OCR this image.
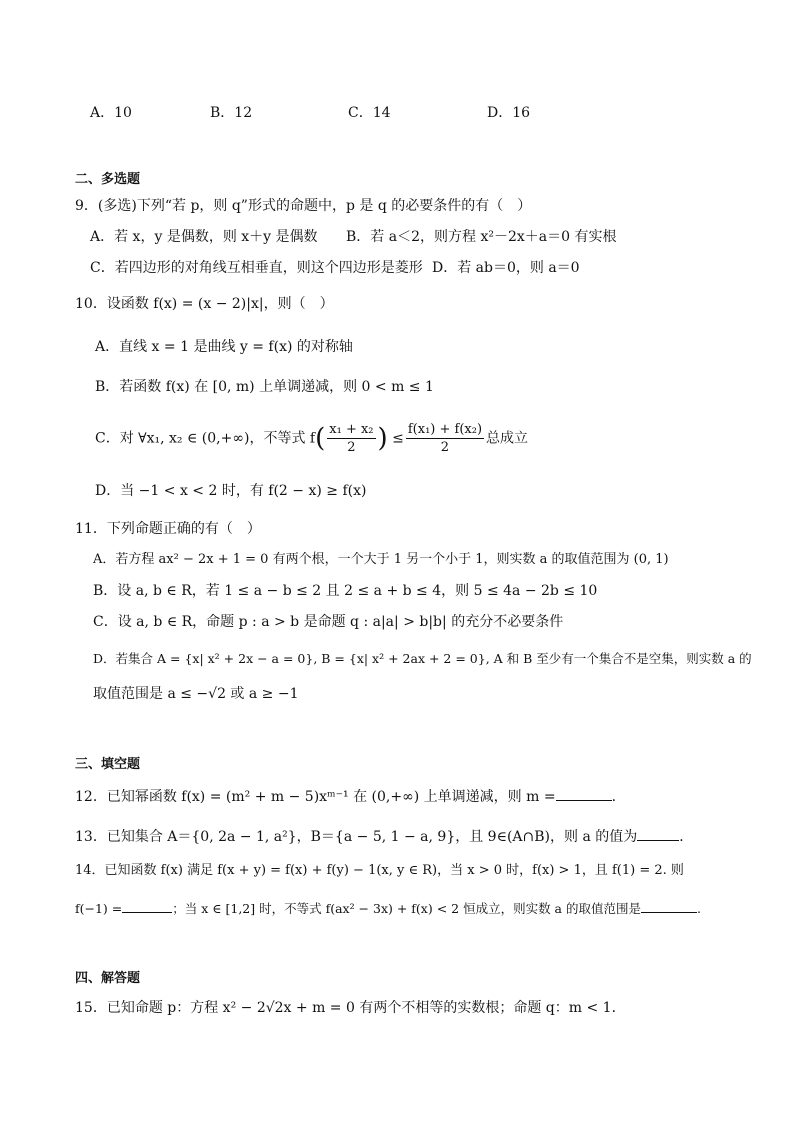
A．10	B．12	C．14	D．16
二、多选题
9．(多选)下列“若 p，则 q”形式的命题中，p 是 q 的必要条件的有（　）
A．若 x，y 是偶数，则 x＋y 是偶数 B．若 a＜2，则方程 x²－2x＋a＝0 有实根
C．若四边形的对角线互相垂直，则这个四边形是菱形 D．若 ab＝0，则 a＝0
10．设函数 f(x) = (x − 2)|x|，则（　）
A．直线 x = 1 是曲线 y = f(x) 的对称轴
B．若函数 f(x) 在 [0, m) 上单调递减，则 0 < m ≤ 1
C．对 ∀x₁, x₂ ∈ (0,+∞)，不等式 $f( \frac{\text{x₁ + x₂}}{2}$ ) ≤ $\frac{\text{f(x₁) + f(x₂)}}{2}$ 总成立
D．当 −1 < x < 2 时，有 f(2 − x) ≥ f(x)
11．下列命题正确的有（　）
A．若方程 ax² − 2x + 1 = 0 有两个根，一个大于 1 另一个小于 1，则实数 a 的取值范围为 (0, 1)
B．设 a, b ∈ R，若 1 ≤ a − b ≤ 2 且 2 ≤ a + b ≤ 4，则 5 ≤ 4a − 2b ≤ 10
C．设 a, b ∈ R，命题 p : a > b 是命题 q : a|a| > b|b| 的充分不必要条件
D．若集合 A = {x| x² + 2x − a = 0}, B = {x| x² + 2ax + 2 = 0}, A 和 B 至少有一个集合不是空集，则实数 a 的
取值范围是 a ≤ −√2 或 a ≥ −1
三、填空题
12．已知幂函数 f(x) = (m² + m − 5)xᵐ⁻¹ 在 (0,+∞) 上单调递减，则 m =	.
13．已知集合 A＝{0, 2a − 1, a²}，B＝{a − 5, 1 − a, 9}，且 9∈(A∩B)，则 a 的值为	．
14．已知函数 f(x) 满足 f(x + y) = f(x) + f(y) − 1(x, y ∈ R)，当 x > 0 时，f(x) > 1，且 f(1) = 2. 则
f(−1) =	；当 x ∈ [1,2] 时，不等式 f(ax² − 3x) + f(x) < 2 恒成立，则实数 a 的取值范围是	.
四、解答题
15．已知命题 p：方程 x² − 2√2x + m = 0 有两个不相等的实数根；命题 q：m < 1．
